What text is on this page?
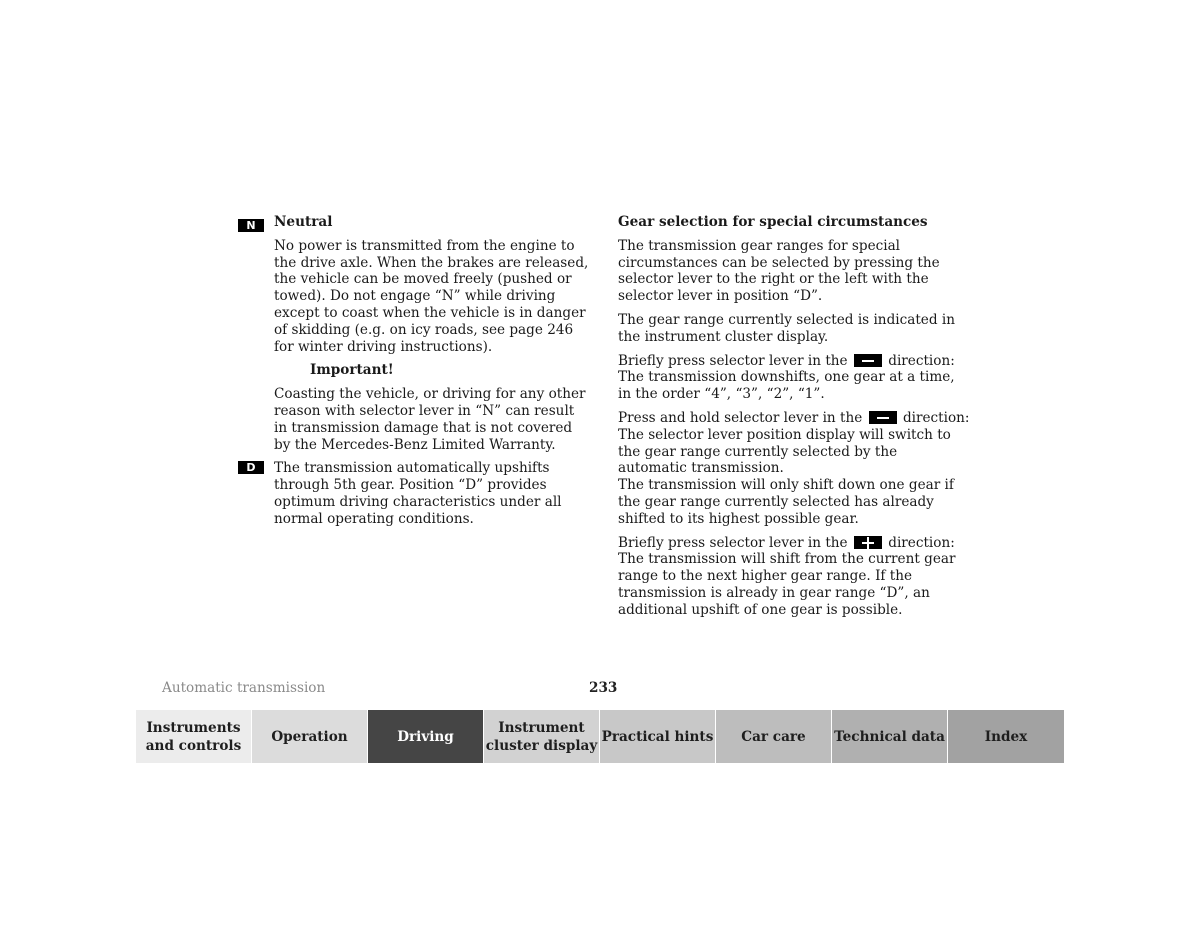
N	Neutral

No power is transmitted from the engine to the drive axle. When the brakes are released, the vehicle can be moved freely (pushed or towed). Do not engage “N” while driving except to coast when the vehicle is in danger of skidding (e.g. on icy roads, see page 246 for winter driving instructions).

Important!

Coasting the vehicle, or driving for any other reason with selector lever in “N” can result in transmission damage that is not covered by the Mercedes-Benz Limited Warranty.

D	The transmission automatically upshifts through 5th gear. Position “D” provides optimum driving characteristics under all normal operating conditions.

Gear selection for special circumstances

The transmission gear ranges for special circumstances can be selected by pressing the selector lever to the right or the left with the selector lever in position “D”.

The gear range currently selected is indicated in the instrument cluster display.

Briefly press selector lever in the	direction:
The transmission downshifts, one gear at a time, in the order “4”, “3”, “2”, “1”.
Press and hold selector lever in the	direction:
The selector lever position display will switch to the gear range currently selected by the automatic transmission.
The transmission will only shift down one gear if the gear range currently selected has already shifted to its highest possible gear.
Briefly press selector lever in the	direction:
The transmission will shift from the current gear range to the next higher gear range. If the transmission is already in gear range “D”, an additional upshift of one gear is possible.
Automatic transmission	233
Instruments and controls
Operation	Driving
Instrument cluster display
Practical hints Car care Technical data	Index
